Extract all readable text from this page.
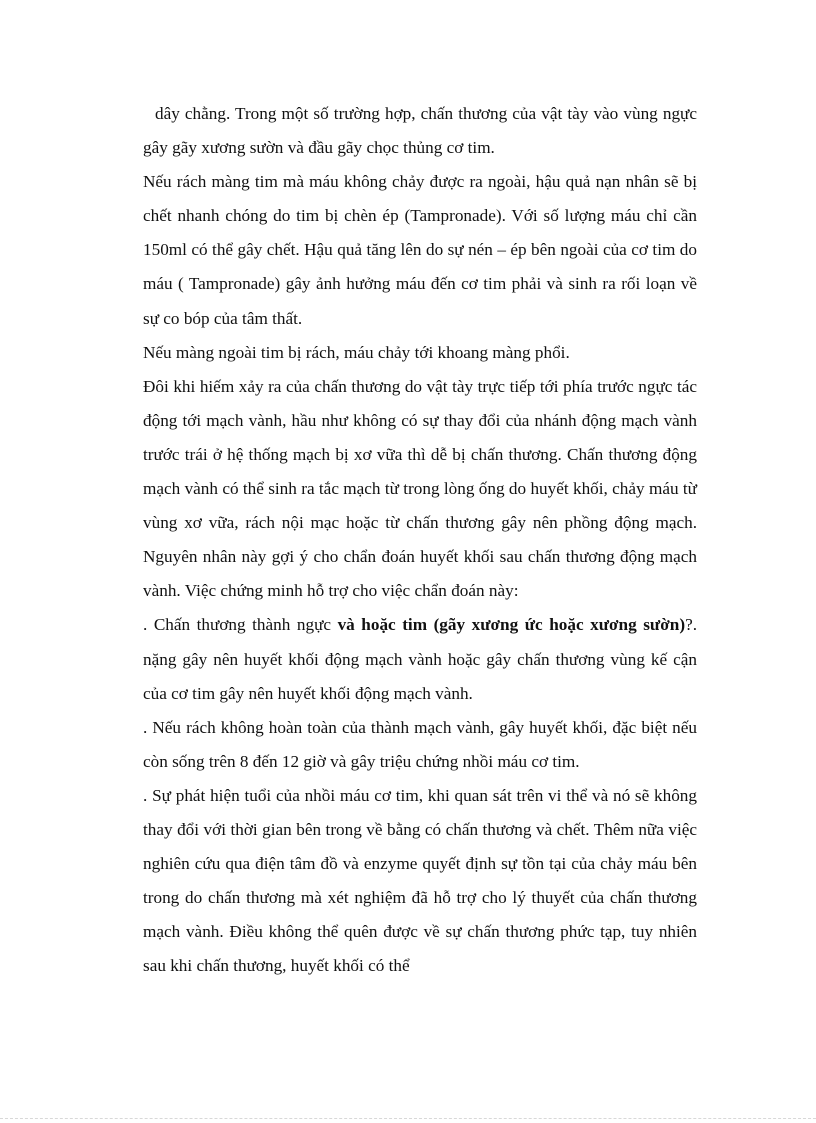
dây chằng. Trong một số trường hợp, chấn thương của vật tày vào vùng ngực gây gãy xương sườn và đầu gãy chọc thủng cơ tim.

Nếu rách màng tim mà máu không chảy được ra ngoài, hậu quả nạn nhân sẽ bị chết nhanh chóng do tim bị chèn ép (Tampronade). Với số lượng máu chỉ cần 150ml có thể gây chết. Hậu quả tăng lên do sự nén – ép bên ngoài của cơ tim do máu ( Tampronade) gây ảnh hưởng máu đến cơ tim phải và sinh ra rối loạn về sự co bóp của tâm thất.

Nếu màng ngoài tim bị rách, máu chảy tới khoang màng phổi.

Đôi khi hiếm xảy ra của chấn thương do vật tày trực tiếp tới phía trước ngực tác động tới mạch vành, hầu như không có sự thay đổi của nhánh động mạch vành trước trái ở hệ thống mạch bị xơ vữa thì dễ bị chấn thương. Chấn thương động mạch vành có thể sinh ra tắc mạch từ trong lòng ống do huyết khối, chảy máu từ vùng xơ vữa, rách nội mạc hoặc từ chấn thương gây nên phồng động mạch. Nguyên nhân này gợi ý cho chẩn đoán huyết khối sau chấn thương động mạch vành. Việc chứng minh hỗ trợ cho việc chẩn đoán này:

. Chấn thương thành ngực và hoặc tim (gãy xương ức hoặc xương sườn)?. nặng gây nên huyết khối động mạch vành hoặc gây chấn thương vùng kế cận của cơ tim gây nên huyết khối động mạch vành.

. Nếu rách không hoàn toàn của thành mạch vành, gây huyết khối, đặc biệt nếu còn sống trên 8 đến 12 giờ và gây triệu chứng nhồi máu cơ tim.

. Sự phát hiện tuổi của nhồi máu cơ tim, khi quan sát trên vi thể và nó sẽ không thay đổi với thời gian bên trong về bằng có chấn thương và chết. Thêm nữa việc nghiên cứu qua điện tâm đồ và enzyme quyết định sự tồn tại của chảy máu bên trong do chấn thương mà xét nghiệm đã hỗ trợ cho lý thuyết của chấn thương mạch vành. Điều không thể quên được về sự chấn thương phức tạp, tuy nhiên sau khi chấn thương, huyết khối có thể
